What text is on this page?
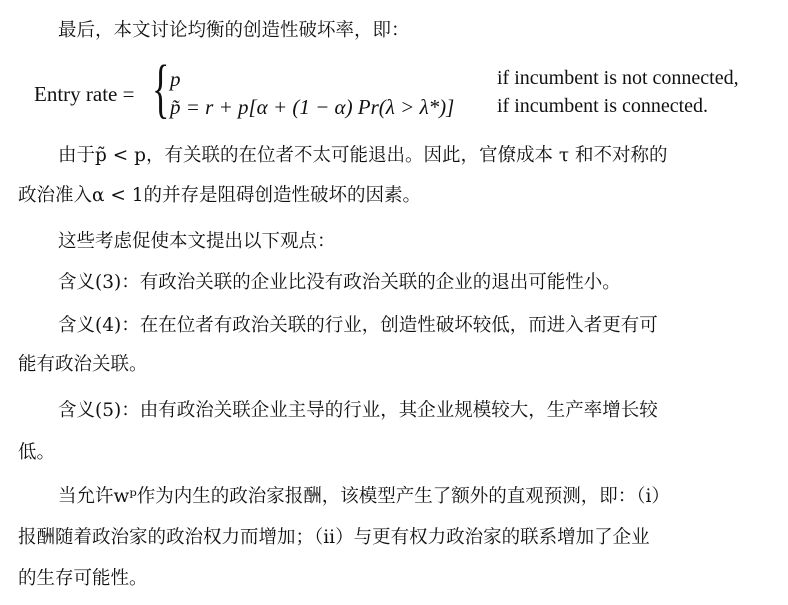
最后，本文讨论均衡的创造性破坏率，即：
Entry rate = { p	if incumbent is not connected,
p̃ = r + p[α + (1 − α) Pr(λ > λ*)] if incumbent is connected.
由于p̃ < p，有关联的在位者不太可能退出。因此，官僚成本 τ 和不对称的
政治准入α < 1的并存是阻碍创造性破坏的因素。
这些考虑促使本文提出以下观点：
含义(3)：有政治关联的企业比没有政治关联的企业的退出可能性小。
含义(4)：在在位者有政治关联的行业，创造性破坏较低，而进入者更有可
能有政治关联。
含义(5)：由有政治关联企业主导的行业，其企业规模较大，生产率增长较
低。
当允许wᵖ作为内生的政治家报酬，该模型产生了额外的直观预测，即：（i）
报酬随着政治家的政治权力而增加；（ii）与更有权力政治家的联系增加了企业
的生存可能性。
